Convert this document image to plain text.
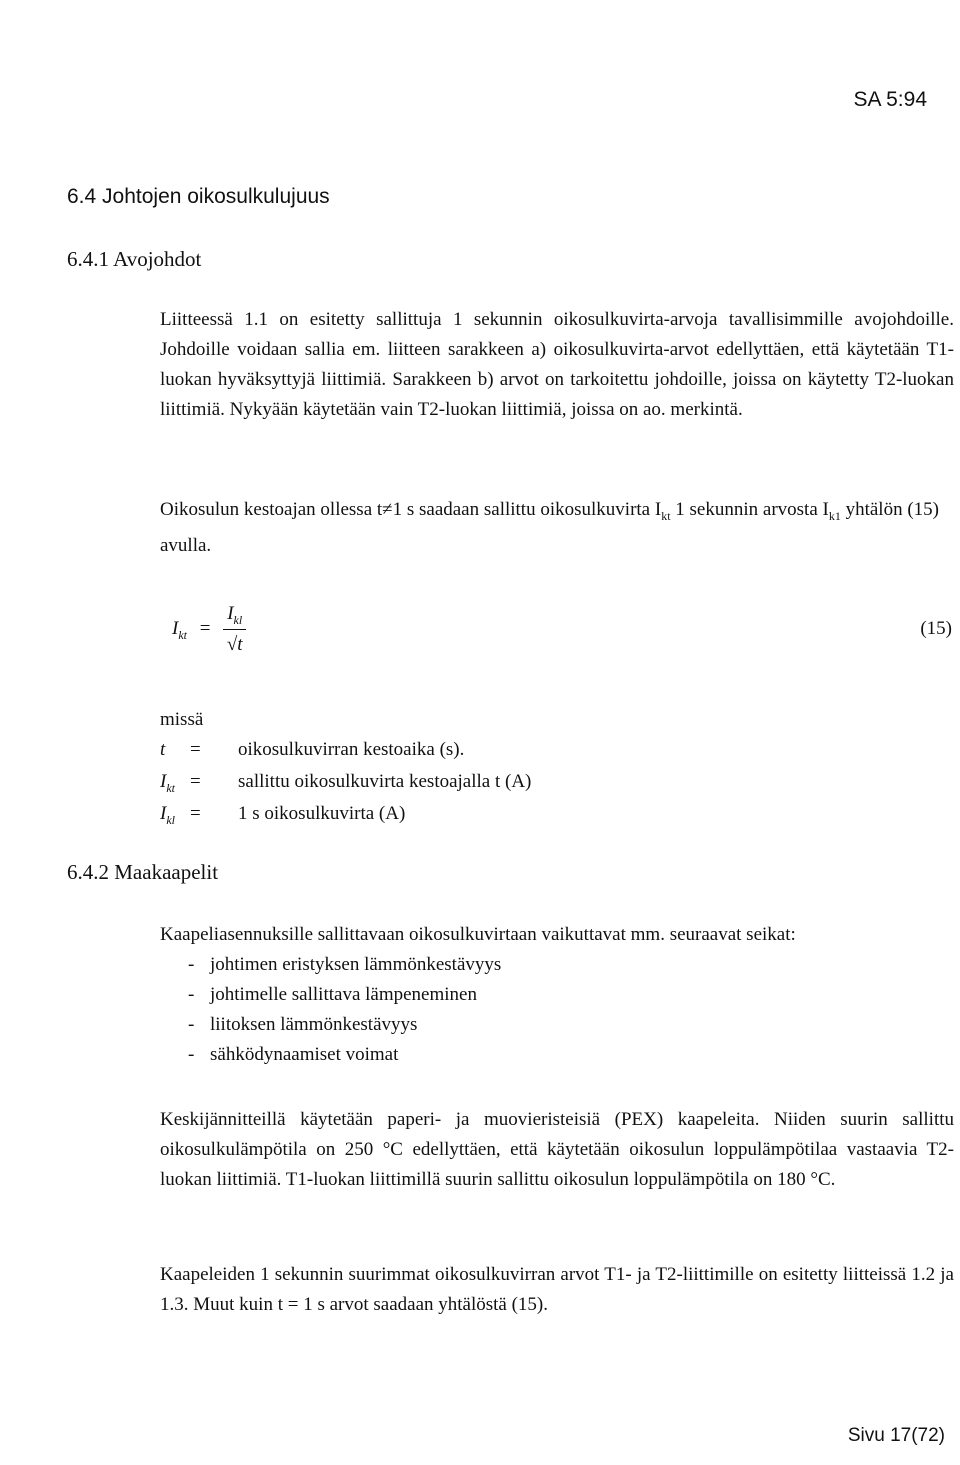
SA 5:94
6.4 Johtojen oikosulkulujuus
6.4.1 Avojohdot

Liitteessä 1.1 on esitetty sallittuja 1 sekunnin oikosulkuvirta-arvoja tavallisimmille avojohdoille. Johdoille voidaan sallia em. liitteen sarakkeen a) oikosulkuvirta-arvot edellyttäen, että käytetään T1-luokan hyväksyttyjä liittimiä. Sarakkeen b) arvot on tarkoitettu johdoille, joissa on käytetty T2-luokan liittimiä. Nykyään käytetään vain T2-luokan liittimiä, joissa on ao. merkintä.

Oikosulun kestoajan ollessa t≠1 s saadaan sallittu oikosulkuvirta $I_{kt}$ 1 sekunnin arvosta $I_{k1}$ yhtälön (15) avulla.

$I_{kt} = \frac{I_{kl}}{√t}$	(15)
missä
t = oikosulkuvirran kestoaika (s).
$I_{kt}$ = sallittu oikosulkuvirta kestoajalla t (A)
$I_{kl} = 1$ s oikosulkuvirta (A)
6.4.2 Maakaapelit

Kaapeliasennuksille sallittavaan oikosulkuvirtaan vaikuttavat mm. seuraavat seikat:

- johtimen eristyksen lämmönkestävyys
- johtimelle sallittava lämpeneminen
- liitoksen lämmönkestävyys
- sähködynaamiset voimat

Keskijännitteillä käytetään paperi- ja muovieristeisiä (PEX) kaapeleita. Niiden suurin sallittu oikosulkulämpötila on 250 °C edellyttäen, että käytetään oikosulun loppulämpötilaa vastaavia T2-luokan liittimiä. T1-luokan liittimillä suurin sallittu oikosulun loppulämpötila on 180 °C.

Kaapeleiden 1 sekunnin suurimmat oikosulkuvirran arvot T1- ja T2-liittimille on esitetty liitteissä 1.2 ja 1.3. Muut kuin t = 1 s arvot saadaan yhtälöstä (15).

Sivu 17(72)
